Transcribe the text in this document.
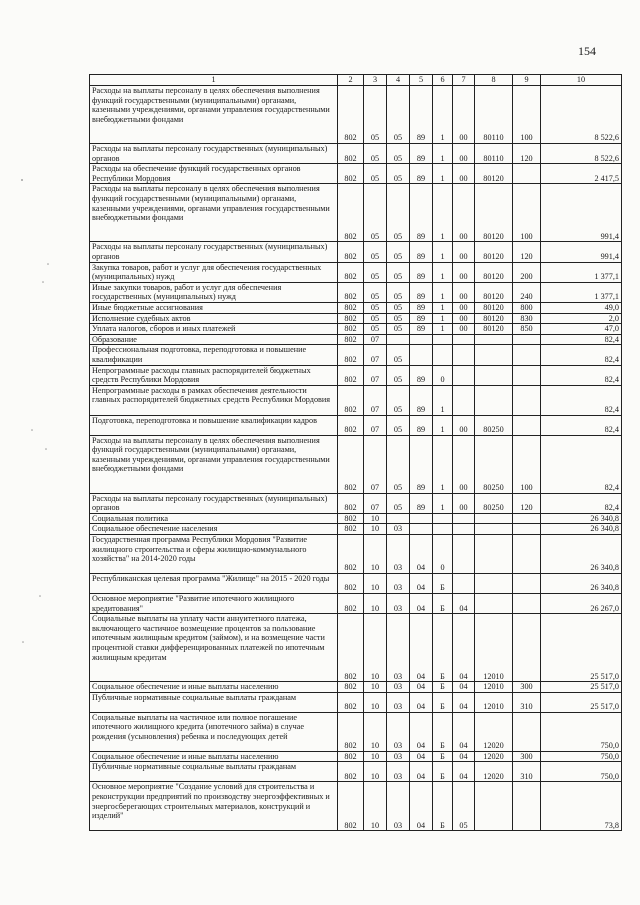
154
1	2	3	4	5	6	7	8	9	10
Расходы на выплаты персоналу в целях обеспечения выполнения функций государственными (муниципальными) органами, казенными учреждениями, органами управления государственными внебюджетными фондами	802	05	05	89	1	00	80110	100	8 522,6
Расходы на выплаты персоналу государственных (муниципальных) органов	802	05	05	89	1	00	80110	120	8 522,6
Расходы на обеспечение функций государственных органов Республики Мордовия	802	05	05	89	1	00	80120		2 417,5
Расходы на выплаты персоналу в целях обеспечения выполнения функций государственными (муниципальными) органами, казенными учреждениями, органами управления государственными внебюджетными фондами	802	05	05	89	1	00	80120	100	991,4
Расходы на выплаты персоналу государственных (муниципальных) органов	802	05	05	89	1	00	80120	120	991,4
Закупка товаров, работ и услуг для обеспечения государственных (муниципальных) нужд	802	05	05	89	1	00	80120	200	1 377,1
Иные закупки товаров, работ и услуг для обеспечения государственных (муниципальных) нужд	802	05	05	89	1	00	80120	240	1 377,1
Иные бюджетные ассигнования	802	05	05	89	1	00	80120	800	49,0
Исполнение судебных актов	802	05	05	89	1	00	80120	830	2,0
Уплата налогов, сборов и иных платежей	802	05	05	89	1	00	80120	850	47,0
Образование	802	07							82,4
Профессиональная подготовка, переподготовка и повышение квалификации	802	07	05						82,4
Непрограммные расходы главных распорядителей бюджетных средств Республики Мордовия	802	07	05	89	0				82,4
Непрограммные расходы в рамках обеспечения деятельности главных распорядителей бюджетных средств Республики Мордовия	802	07	05	89	1				82,4
Подготовка, переподготовка и повышение квалификации кадров	802	07	05	89	1	00	80250		82,4
Расходы на выплаты персоналу в целях обеспечения выполнения функций государственными (муниципальными) органами, казенными учреждениями, органами управления государственными внебюджетными фондами	802	07	05	89	1	00	80250	100	82,4
Расходы на выплаты персоналу государственных (муниципальных) органов	802	07	05	89	1	00	80250	120	82,4
Социальная политика	802	10							26 340,8
Социальное обеспечение населения	802	10	03						26 340,8
Государственная программа Республики Мордовия "Развитие жилищного строительства и сферы жилищно-коммунального хозяйства" на 2014-2020 годы	802	10	03	04	0				26 340,8
Республиканская целевая программа "Жилище" на 2015 - 2020 годы	802	10	03	04	Б				26 340,8
Основное мероприятие "Развитие ипотечного жилищного кредитования"	802	10	03	04	Б	04			26 267,0
Социальные выплаты на уплату части аннуитетного платежа, включающего частичное возмещение процентов за пользование ипотечным жилищным кредитом (займом), и на возмещение части процентной ставки дифференцированных платежей по ипотечным жилищным кредитам	802	10	03	04	Б	04	12010		25 517,0
Социальное обеспечение и иные выплаты населению	802	10	03	04	Б	04	12010	300	25 517,0
Публичные нормативные социальные выплаты гражданам	802	10	03	04	Б	04	12010	310	25 517,0
Социальные выплаты на частичное или полное погашение ипотечного жилищного кредита (ипотечного займа) в случае рождения (усыновления) ребенка и последующих детей	802	10	03	04	Б	04	12020		750,0
Социальное обеспечение и иные выплаты населению	802	10	03	04	Б	04	12020	300	750,0
Публичные нормативные социальные выплаты гражданам	802	10	03	04	Б	04	12020	310	750,0
Основное мероприятие "Создание условий для строительства и реконструкции предприятий по производству энергоэффективных и энергосберегающих строительных материалов, конструкций и изделий"	802	10	03	04	Б	05			73,8
